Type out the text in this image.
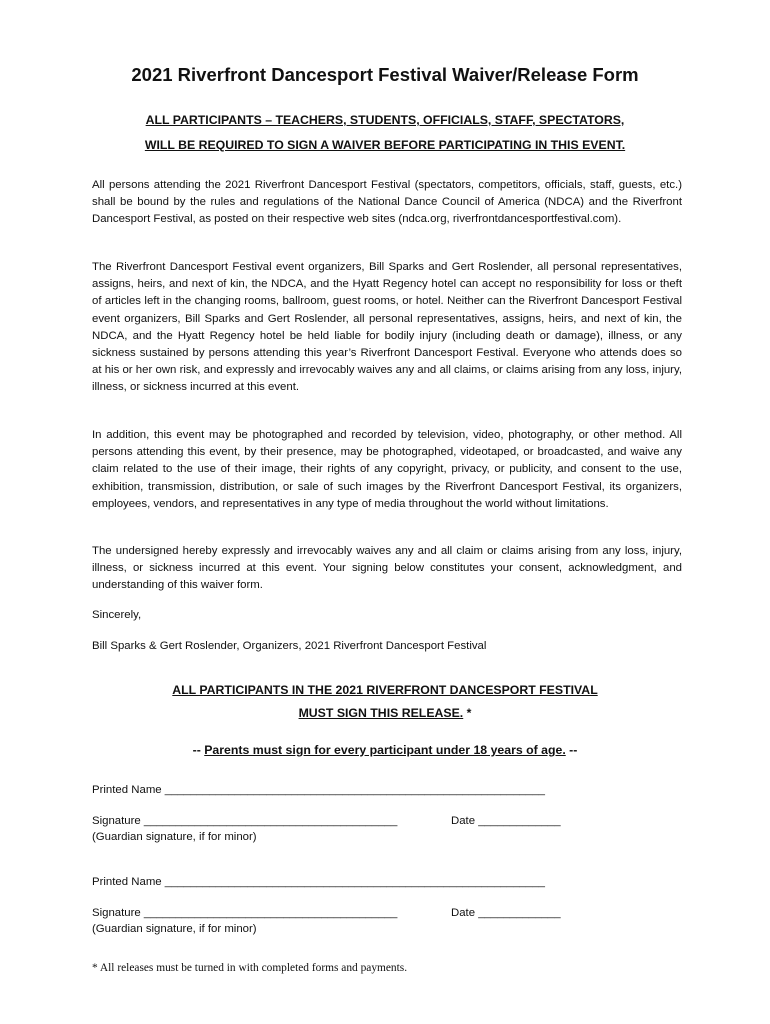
2021 Riverfront Dancesport Festival Waiver/Release Form

ALL PARTICIPANTS – TEACHERS, STUDENTS, OFFICIALS, STAFF, SPECTATORS,

WILL BE REQUIRED TO SIGN A WAIVER BEFORE PARTICIPATING IN THIS EVENT.

All persons attending the 2021 Riverfront Dancesport Festival (spectators, competitors, officials, staff, guests, etc.) shall be bound by the rules and regulations of the National Dance Council of America (NDCA) and the Riverfront Dancesport Festival, as posted on their respective web sites (ndca.org, riverfrontdancesportfestival.com).

The Riverfront Dancesport Festival event organizers, Bill Sparks and Gert Roslender, all personal representatives, assigns, heirs, and next of kin, the NDCA, and the Hyatt Regency hotel can accept no responsibility for loss or theft of articles left in the changing rooms, ballroom, guest rooms, or hotel. Neither can the Riverfront Dancesport Festival event organizers, Bill Sparks and Gert Roslender, all personal representatives, assigns, heirs, and next of kin, the NDCA, and the Hyatt Regency hotel be held liable for bodily injury (including death or damage), illness, or any sickness sustained by persons attending this year’s Riverfront Dancesport Festival. Everyone who attends does so at his or her own risk, and expressly and irrevocably waives any and all claims, or claims arising from any loss, injury, illness, or sickness incurred at this event.

In addition, this event may be photographed and recorded by television, video, photography, or other method. All persons attending this event, by their presence, may be photographed, videotaped, or broadcasted, and waive any claim related to the use of their image, their rights of any copyright, privacy, or publicity, and consent to the use, exhibition, transmission, distribution, or sale of such images by the Riverfront Dancesport Festival, its organizers, employees, vendors, and representatives in any type of media throughout the world without limitations.

The undersigned hereby expressly and irrevocably waives any and all claim or claims arising from any loss, injury, illness, or sickness incurred at this event. Your signing below constitutes your consent, acknowledgment, and understanding of this waiver form.

Sincerely,

Bill Sparks & Gert Roslender, Organizers, 2021 Riverfront Dancesport Festival

ALL PARTICIPANTS IN THE 2021 RIVERFRONT DANCESPORT FESTIVAL

MUST SIGN THIS RELEASE. *

-- Parents must sign for every participant under 18 years of age. --

Printed Name ____________________________________________________________

Signature ________________________________________	Date _____________

(Guardian signature, if for minor)

Printed Name ____________________________________________________________

Signature ________________________________________	Date _____________

(Guardian signature, if for minor)

* All releases must be turned in with completed forms and payments.
